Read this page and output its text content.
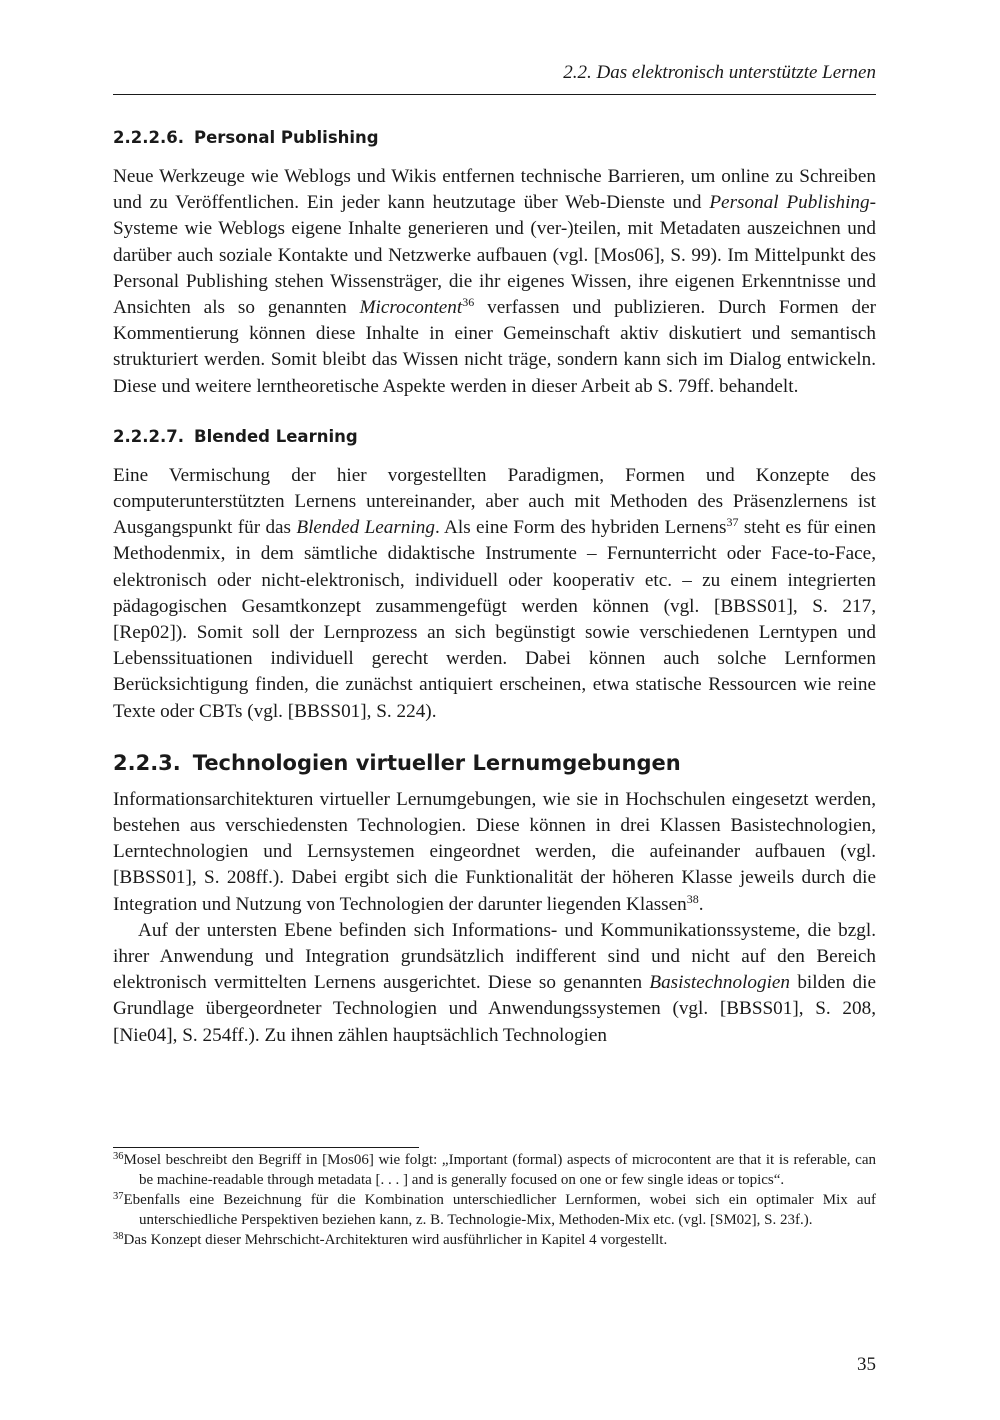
2.2. Das elektronisch unterstützte Lernen
2.2.2.6. Personal Publishing

Neue Werkzeuge wie Weblogs und Wikis entfernen technische Barrieren, um online zu Schreiben und zu Veröffentlichen. Ein jeder kann heutzutage über Web-Dienste und Personal Publishing-Systeme wie Weblogs eigene Inhalte generieren und (ver-)teilen, mit Metadaten auszeichnen und darüber auch soziale Kontakte und Netzwerke aufbauen (vgl. [Mos06], S. 99). Im Mittelpunkt des Personal Publishing stehen Wissensträger, die ihr eigenes Wissen, ihre eigenen Erkenntnisse und Ansichten als so genannten Microcontent$^{36}$ verfassen und publizieren. Durch Formen der Kommentierung können diese Inhalte in einer Gemeinschaft aktiv diskutiert und semantisch strukturiert werden. Somit bleibt das Wissen nicht träge, sondern kann sich im Dialog entwickeln. Diese und weitere lerntheoretische Aspekte werden in dieser Arbeit ab S. 79ff. behandelt.

2.2.2.7. Blended Learning

Eine Vermischung der hier vorgestellten Paradigmen, Formen und Konzepte des computerunterstützten Lernens untereinander, aber auch mit Methoden des Präsenzlernens ist Ausgangspunkt für das Blended Learning. Als eine Form des hybriden Lernens$^{37}$ steht es für einen Methodenmix, in dem sämtliche didaktische Instrumente – Fernunterricht oder Face-to-Face, elektronisch oder nicht-elektronisch, individuell oder kooperativ etc. – zu einem integrierten pädagogischen Gesamtkonzept zusammengefügt werden können (vgl. [BBSS01], S. 217, [Rep02]). Somit soll der Lernprozess an sich begünstigt sowie verschiedenen Lerntypen und Lebenssituationen individuell gerecht werden. Dabei können auch solche Lernformen Berücksichtigung finden, die zunächst antiquiert erscheinen, etwa statische Ressourcen wie reine Texte oder CBTs (vgl. [BBSS01], S. 224).

2.2.3. Technologien virtueller Lernumgebungen

Informationsarchitekturen virtueller Lernumgebungen, wie sie in Hochschulen eingesetzt werden, bestehen aus verschiedensten Technologien. Diese können in drei Klassen Basistechnologien, Lerntechnologien und Lernsystemen eingeordnet werden, die aufeinander aufbauen (vgl. [BBSS01], S. 208ff.). Dabei ergibt sich die Funktionalität der höheren Klasse jeweils durch die Integration und Nutzung von Technologien der darunter liegenden Klassen$^{38}$.

Auf der untersten Ebene befinden sich Informations- und Kommunikationssysteme, die bzgl. ihrer Anwendung und Integration grundsätzlich indifferent sind und nicht auf den Bereich elektronisch vermittelten Lernens ausgerichtet. Diese so genannten Basistechnologien bilden die Grundlage übergeordneter Technologien und Anwendungssystemen (vgl. [BBSS01], S. 208, [Nie04], S. 254ff.). Zu ihnen zählen hauptsächlich Technologien

$^{36}$Mosel beschreibt den Begriff in [Mos06] wie folgt: „Important (formal) aspects of microcontent are that it is referable, can be machine-readable through metadata [. . . ] and is generally focused on one or few single ideas or topics“.

$^{37}$Ebenfalls eine Bezeichnung für die Kombination unterschiedlicher Lernformen, wobei sich ein optimaler Mix auf unterschiedliche Perspektiven beziehen kann, z. B. Technologie-Mix, Methoden-Mix etc. (vgl. [SM02], S. 23f.).

$^{38}$Das Konzept dieser Mehrschicht-Architekturen wird ausführlicher in Kapitel 4 vorgestellt.

35
